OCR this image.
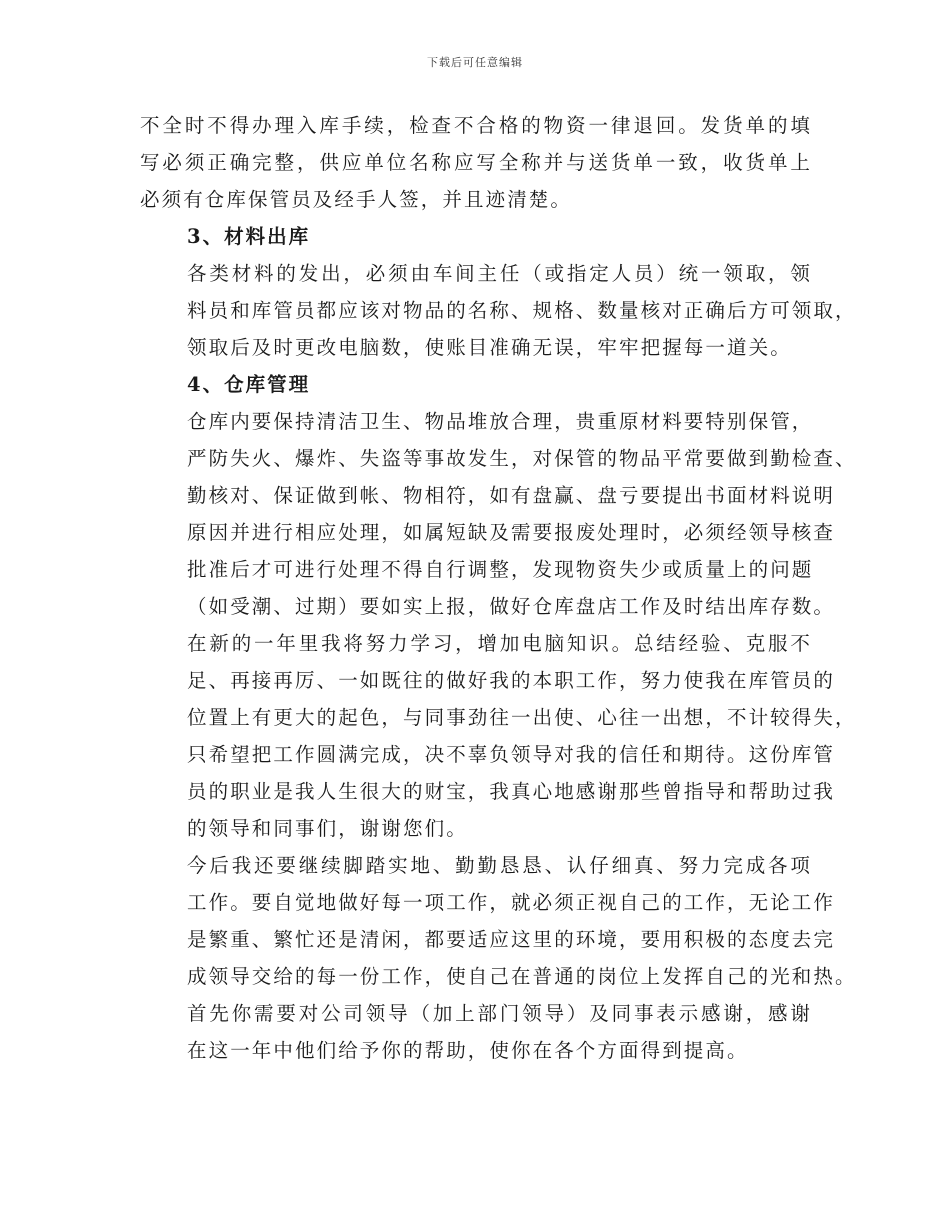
下载后可任意编辑

不全时不得办理入库手续，检查不合格的物资一律退回。发货单的填
写必须正确完整，供应单位名称应写全称并与送货单一致，收货单上
必须有仓库保管员及经手人签，并且迹清楚。

3、材料出库

各类材料的发出，必须由车间主任（或指定人员）统一领取，领
料员和库管员都应该对物品的名称、规格、数量核对正确后方可领取，
领取后及时更改电脑数，使账目准确无误，牢牢把握每一道关。

4、仓库管理

仓库内要保持清洁卫生、物品堆放合理，贵重原材料要特别保管，
严防失火、爆炸、失盗等事故发生，对保管的物品平常要做到勤检查、
勤核对、保证做到帐、物相符，如有盘赢、盘亏要提出书面材料说明
原因并进行相应处理，如属短缺及需要报废处理时，必须经领导核查
批准后才可进行处理不得自行调整，发现物资失少或质量上的问题
（如受潮、过期）要如实上报，做好仓库盘店工作及时结出库存数。

在新的一年里我将努力学习，增加电脑知识。总结经验、克服不
足、再接再厉、一如既往的做好我的本职工作，努力使我在库管员的
位置上有更大的起色，与同事劲往一出使、心往一出想，不计较得失，
只希望把工作圆满完成，决不辜负领导对我的信任和期待。这份库管
员的职业是我人生很大的财宝，我真心地感谢那些曾指导和帮助过我
的领导和同事们，谢谢您们。

今后我还要继续脚踏实地、勤勤恳恳、认仔细真、努力完成各项
工作。要自觉地做好每一项工作，就必须正视自己的工作，无论工作
是繁重、繁忙还是清闲，都要适应这里的环境，要用积极的态度去完
成领导交给的每一份工作，使自己在普通的岗位上发挥自己的光和热。

首先你需要对公司领导（加上部门领导）及同事表示感谢，感谢
在这一年中他们给予你的帮助，使你在各个方面得到提高。
